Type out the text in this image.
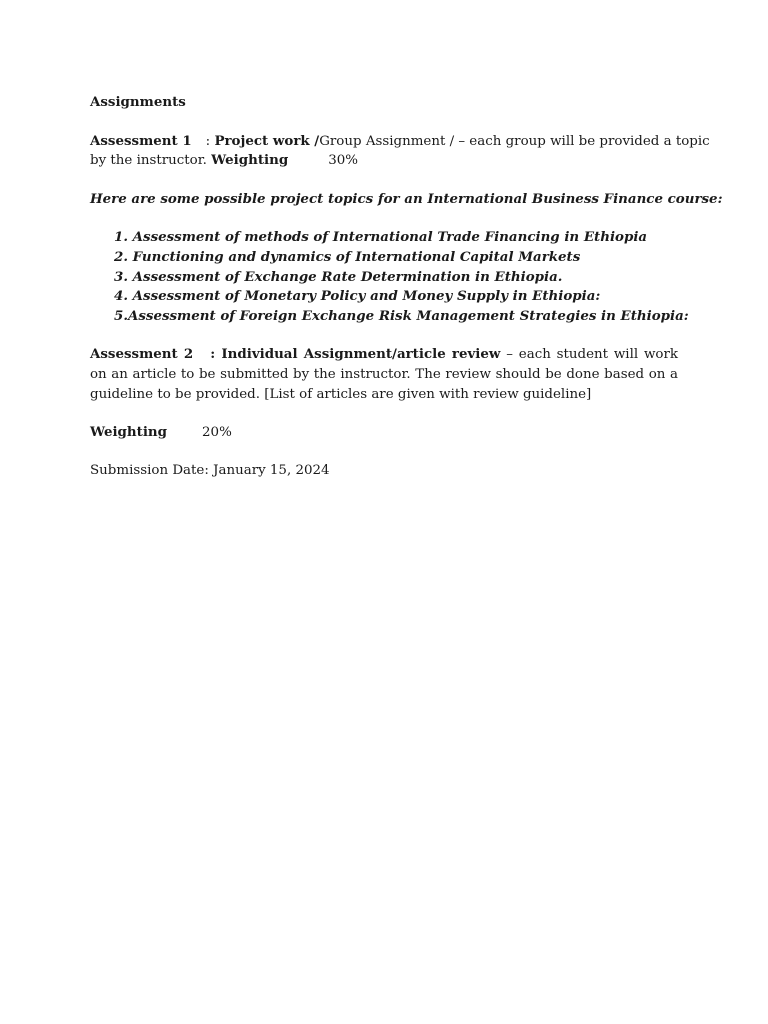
Assignments
Assessment 1 : Project work /Group Assignment / – each group will be provided a topic
by the instructor. Weighting	30%
Here are some possible project topics for an International Business Finance course:
1. Assessment of methods of International Trade Financing in Ethiopia
2. Functioning and dynamics of International Capital Markets
3. Assessment of Exchange Rate Determination in Ethiopia.
4. Assessment of Monetary Policy and Money Supply in Ethiopia:
5.Assessment of Foreign Exchange Risk Management Strategies in Ethiopia:
Assessment 2 : Individual Assignment/article review – each student will work on an article to be submitted by the instructor. The review should be done based on a guideline to be provided. [List of articles are given with review guideline]
Weighting	20%
Submission Date: January 15, 2024
